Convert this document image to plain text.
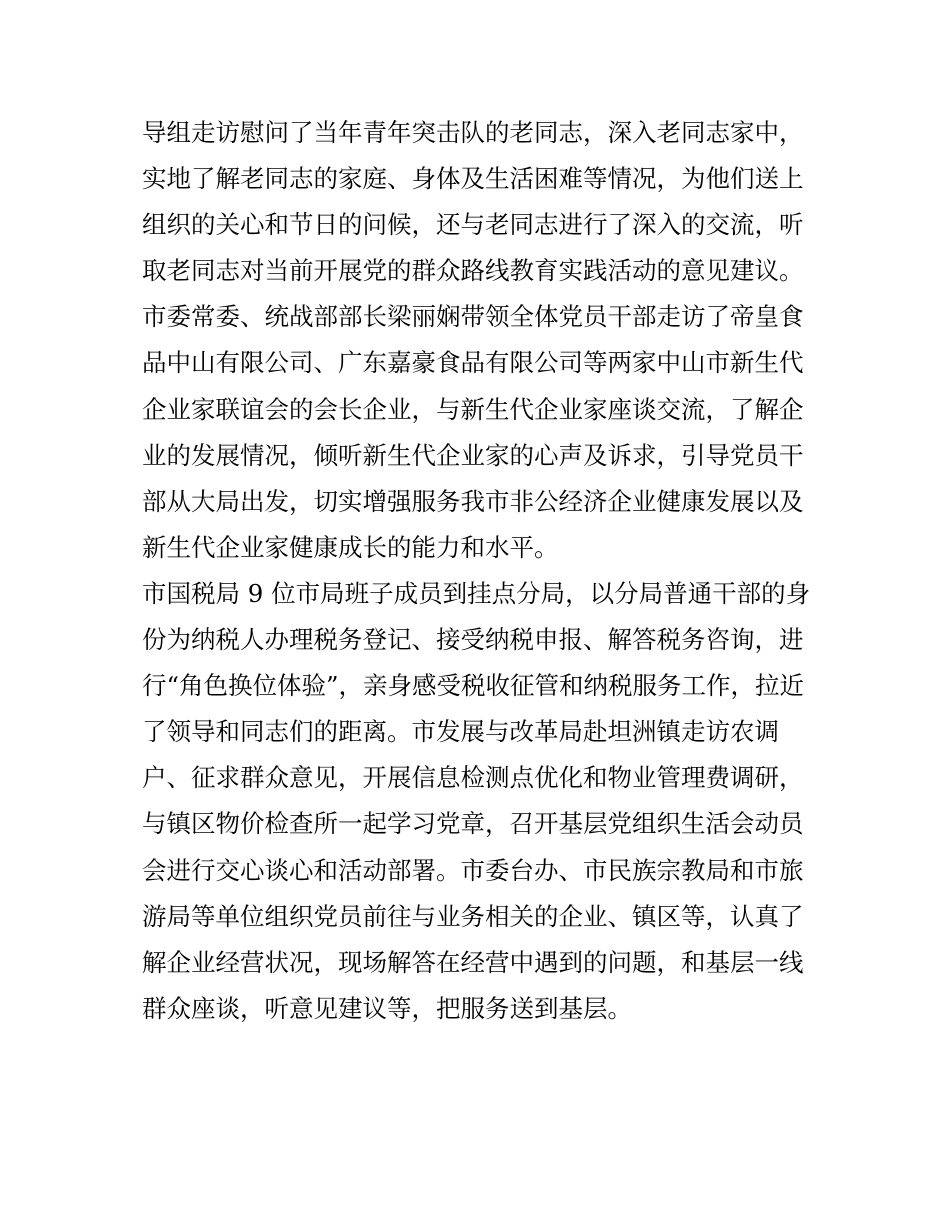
导组走访慰问了当年青年突击队的老同志，深入老同志家中，
实地了解老同志的家庭、身体及生活困难等情况，为他们送上
组织的关心和节日的问候，还与老同志进行了深入的交流，听
取老同志对当前开展党的群众路线教育实践活动的意见建议。
市委常委、统战部部长梁丽娴带领全体党员干部走访了帝皇食
品中山有限公司、广东嘉豪食品有限公司等两家中山市新生代
企业家联谊会的会长企业，与新生代企业家座谈交流，了解企
业的发展情况，倾听新生代企业家的心声及诉求，引导党员干
部从大局出发，切实增强服务我市非公经济企业健康发展以及
新生代企业家健康成长的能力和水平。
市国税局 9 位市局班子成员到挂点分局，以分局普通干部的身
份为纳税人办理税务登记、接受纳税申报、解答税务咨询，进
行“角色换位体验”，亲身感受税收征管和纳税服务工作，拉近
了领导和同志们的距离。市发展与改革局赴坦洲镇走访农调
户、征求群众意见，开展信息检测点优化和物业管理费调研，
与镇区物价检查所一起学习党章，召开基层党组织生活会动员
会进行交心谈心和活动部署。市委台办、市民族宗教局和市旅
游局等单位组织党员前往与业务相关的企业、镇区等，认真了
解企业经营状况，现场解答在经营中遇到的问题，和基层一线
群众座谈，听意见建议等，把服务送到基层。
